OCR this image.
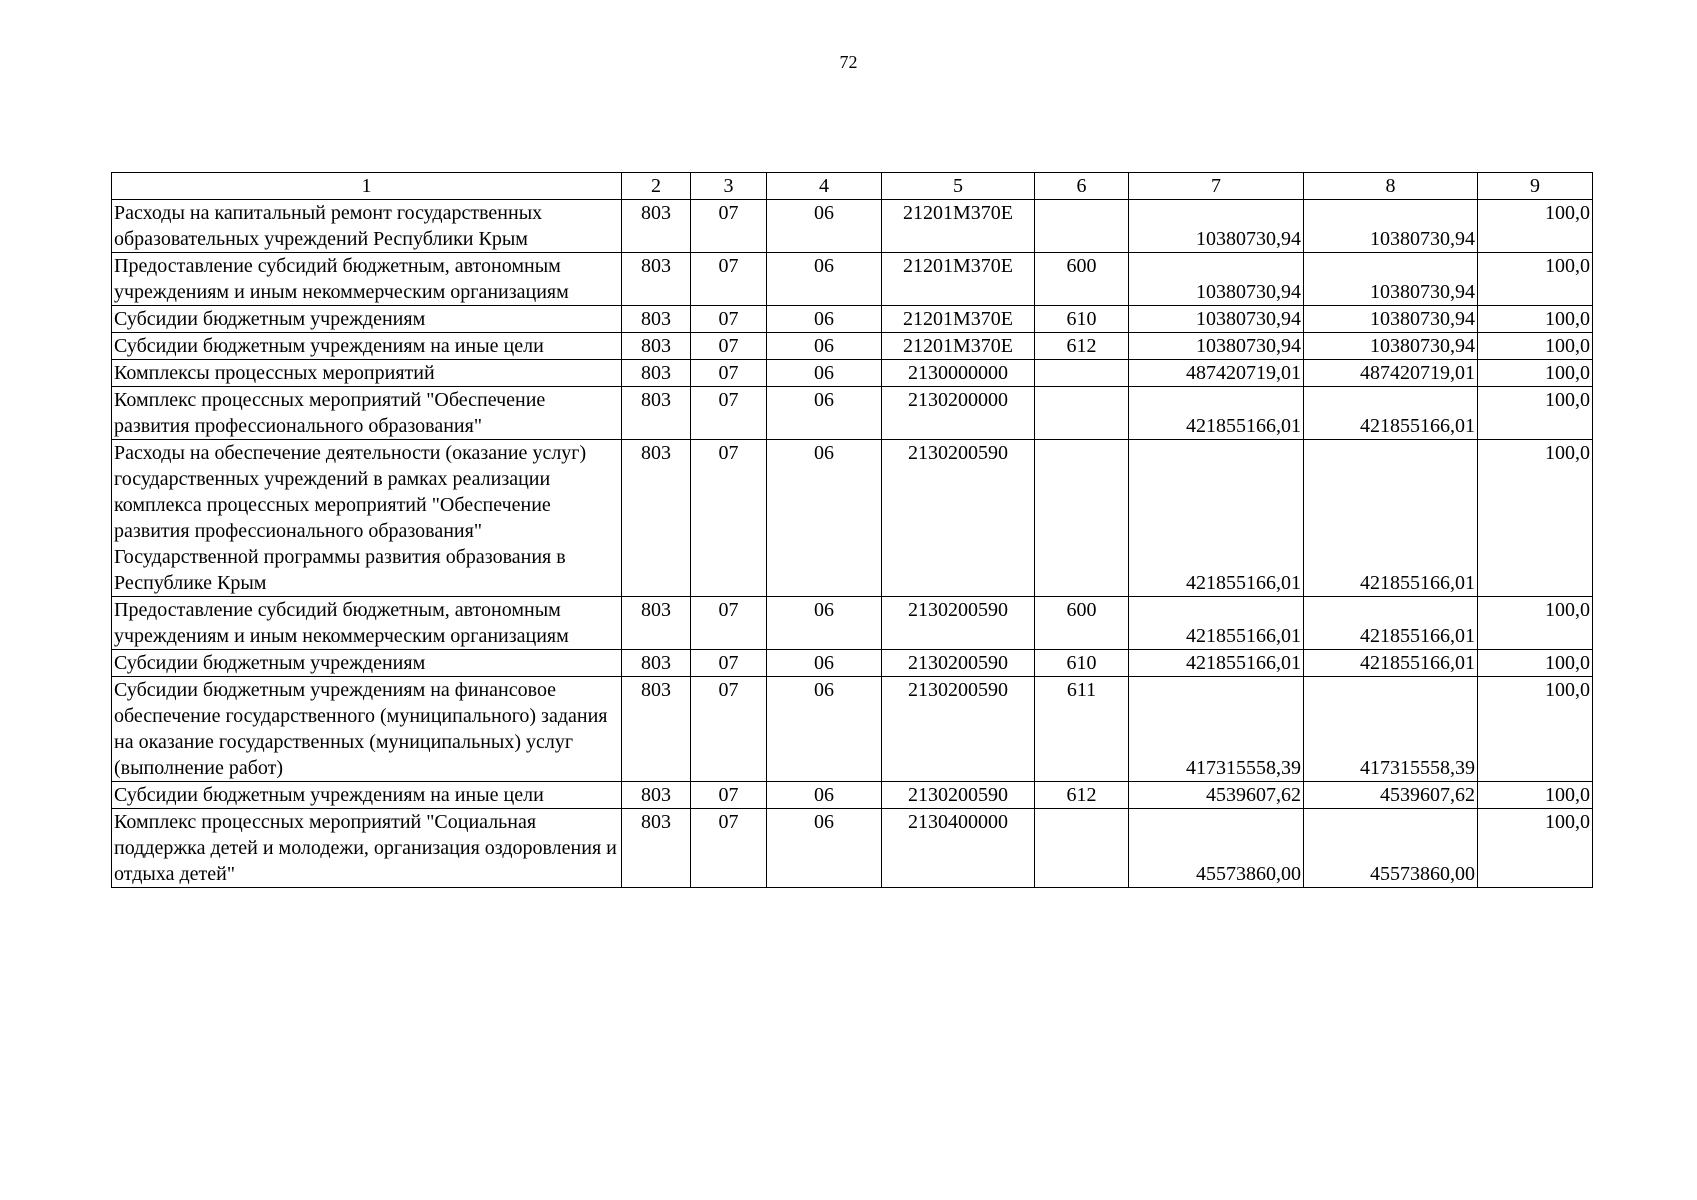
72
1	2	3	4	5	6	7	8	9
Расходы на капитальный ремонт государственных образовательных учреждений Республики Крым	803	07	06	21201М370Е		10380730,94	10380730,94	100,0
Предоставление субсидий бюджетным, автономным учреждениям и иным некоммерческим организациям	803	07	06	21201М370Е	600	10380730,94	10380730,94	100,0
Субсидии бюджетным учреждениям	803	07	06	21201М370Е	610	10380730,94	10380730,94	100,0
Субсидии бюджетным учреждениям на иные цели	803	07	06	21201М370Е	612	10380730,94	10380730,94	100,0
Комплексы процессных мероприятий	803	07	06	2130000000		487420719,01	487420719,01	100,0
Комплекс процессных мероприятий "Обеспечение развития профессионального образования"	803	07	06	2130200000		421855166,01	421855166,01	100,0
Расходы на обеспечение деятельности (оказание услуг) государственных учреждений в рамках реализации комплекса процессных мероприятий "Обеспечение развития профессионального образования" Государственной программы развития образования в Республике Крым	803	07	06	2130200590		421855166,01	421855166,01	100,0
Предоставление субсидий бюджетным, автономным учреждениям и иным некоммерческим организациям	803	07	06	2130200590	600	421855166,01	421855166,01	100,0
Субсидии бюджетным учреждениям	803	07	06	2130200590	610	421855166,01	421855166,01	100,0
Субсидии бюджетным учреждениям на финансовое обеспечение государственного (муниципального) задания на оказание государственных (муниципальных) услуг (выполнение работ)	803	07	06	2130200590	611	417315558,39	417315558,39	100,0
Субсидии бюджетным учреждениям на иные цели	803	07	06	2130200590	612	4539607,62	4539607,62	100,0
Комплекс процессных мероприятий "Социальная поддержка детей и молодежи, организация оздоровления и отдыха детей"	803	07	06	2130400000		45573860,00	45573860,00	100,0
